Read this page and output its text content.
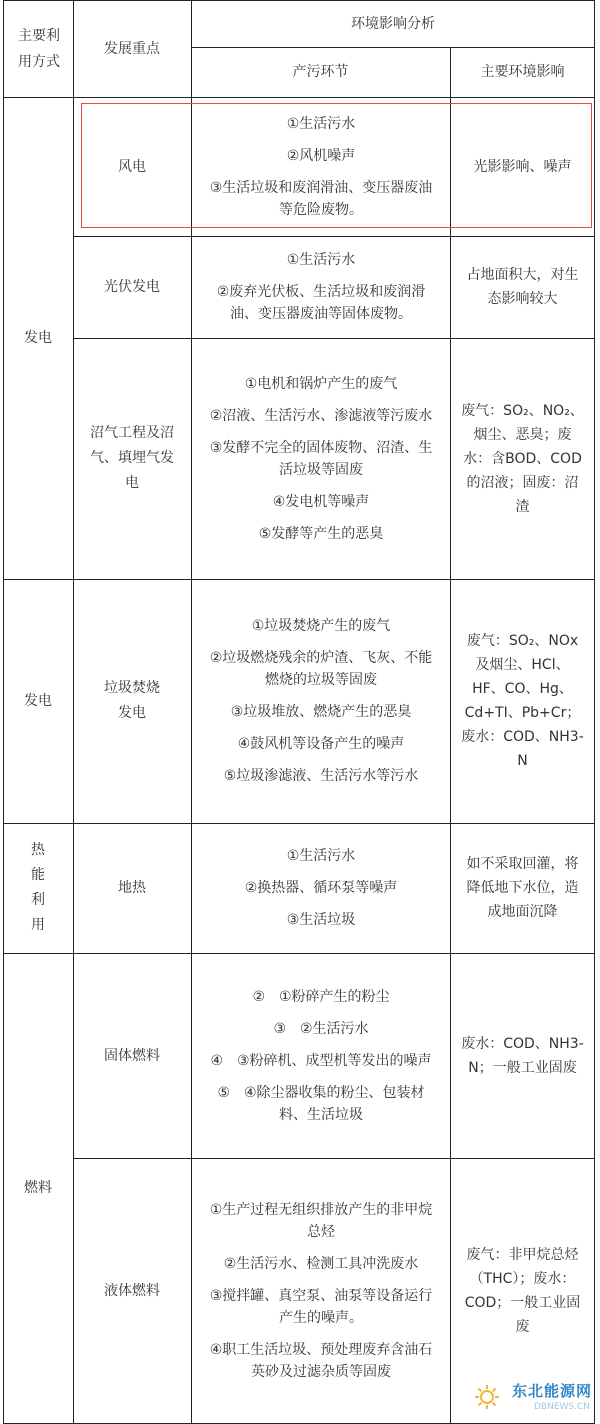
主要利用方式
发展重点
环境影响分析
产污环节	主要环境影响
发电
发电
热能利用
燃料
风电
①生活污水
②风机噪声
③生活垃圾和废润滑油、变压器废油等危险废物。
光影影响、噪声
光伏发电
①生活污水
②废弃光伏板、生活垃圾和废润滑油、变压器废油等固体废物。
占地面积大，对生态影响较大
沼气工程及沼气、填埋气发电
①电机和锅炉产生的废气
②沼液、生活污水、渗滤液等污废水
③发酵不完全的固体废物、沼渣、生活垃圾等固废
④发电机等噪声
⑤发酵等产生的恶臭
废气：SO₂、NO₂、烟尘、恶臭；废水：含BOD、COD的沼液；固废：沼渣
垃圾焚烧发电
①垃圾焚烧产生的废气
②垃圾燃烧残余的炉渣、飞灰、不能燃烧的垃圾等固废
③垃圾堆放、燃烧产生的恶臭
④鼓风机等设备产生的噪声
⑤垃圾渗滤液、生活污水等污水
废气：SO₂、NOx及烟尘、HCl、HF、CO、Hg、Cd+TI、Pb+Cr；废水：COD、NH3-N
地热
①生活污水
②换热器、循环泵等噪声
③生活垃圾
如不采取回灌，将降低地下水位，造成地面沉降
固体燃料
②　①粉碎产生的粉尘
③　②生活污水
④　③粉碎机、成型机等发出的噪声
⑤　④除尘器收集的粉尘、包装材料、生活垃圾
废水：COD、NH3-N；一般工业固废
液体燃料
①生产过程无组织排放产生的非甲烷总烃
②生活污水、检测工具冲洗废水
③搅拌罐、真空泵、油泵等设备运行产生的噪声。
④职工生活垃圾、预处理废弃含油石英砂及过滤杂质等固废
废气：非甲烷总烃（THC）；废水：COD；一般工业固废
东北能源网
DBNEWS.CN
